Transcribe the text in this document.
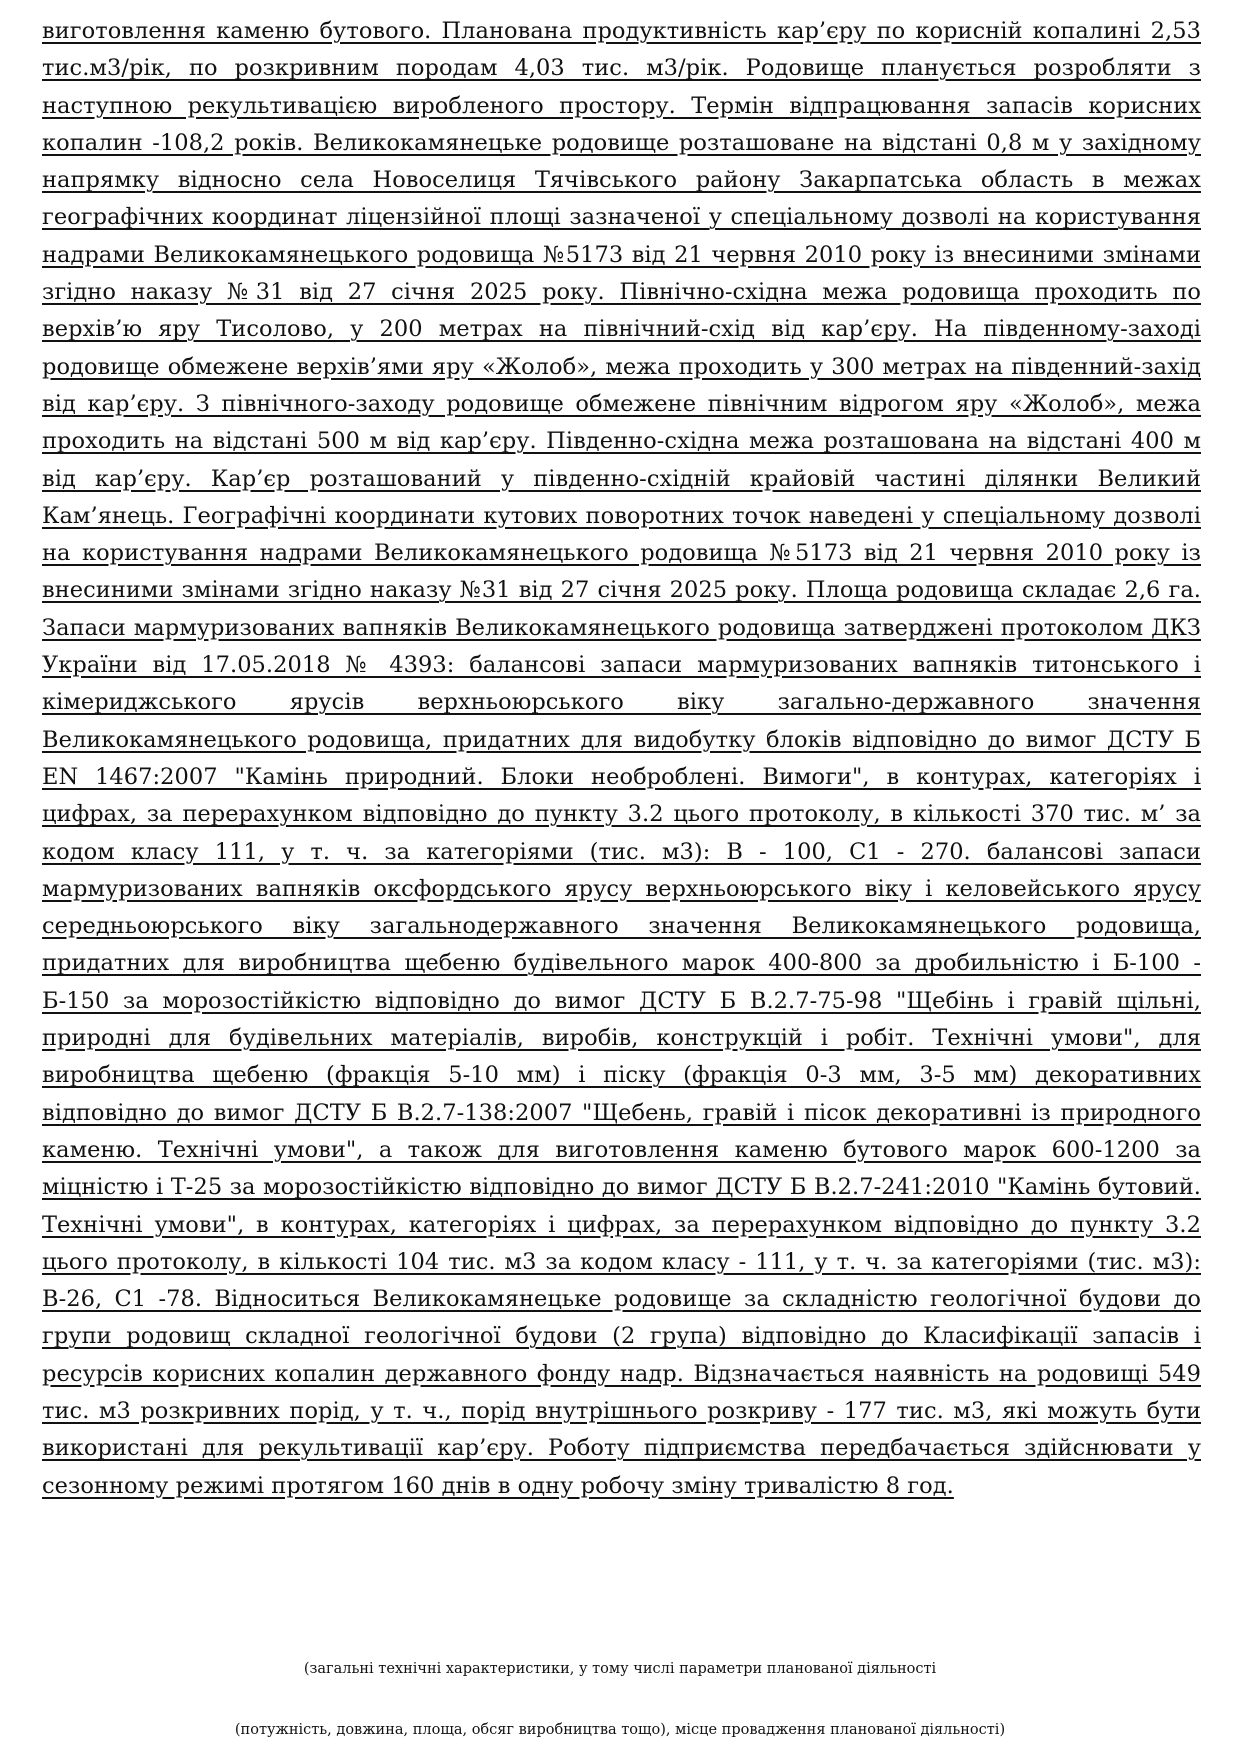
виготовлення каменю бутового. Планована продуктивність кар’єру по корисній копалині 2,53 тис.м3/рік, по розкривним породам 4,03 тис. м3/рік. Родовище планується розробляти з наступною рекультивацією виробленого простору. Термін відпрацювання запасів корисних копалин -108,2 років. Великокамянецьке родовище розташоване на відстані 0,8 м у західному напрямку відносно села Новоселиця Тячівського району Закарпатська область в межах географічних координат ліцензійної площі зазначеної у спеціальному дозволі на користування надрами Великокамянецького родовища №5173 від 21 червня 2010 року із внесиними змінами згідно наказу №31 від 27 січня 2025 року. Північно-східна межа родовища проходить по верхів’ю яру Тисолово, у 200 метрах на північний-схід від кар’єру. На південному-заході родовище обмежене верхів’ями яру «Жолоб», межа проходить у 300 метрах на південний-захід від кар’єру. З північного-заходу родовище обмежене північним відрогом яру «Жолоб», межа проходить на відстані 500 м від кар’єру. Південно-східна межа розташована на відстані 400 м від кар’єру. Кар’єр розташований у південно-східній крайовій частині ділянки Великий Кам’янець. Географічні координати кутових поворотних точок наведені у спеціальному дозволі на користування надрами Великокамянецького родовища №5173 від 21 червня 2010 року із внесиними змінами згідно наказу №31 від 27 січня 2025 року. Площа родовища складає 2,6 га. Запаси мармуризованих вапняків Великокамянецького родовища затверджені протоколом ДКЗ України від 17.05.2018 № 4393: балансові запаси мармуризованих вапняків титонського і кімериджського ярусів верхньоюрського віку загально-державного значення Великокамянецького родовища, придатних для видобутку блоків відповідно до вимог ДСТУ Б EN 1467:2007 "Камінь природний. Блоки необроблені. Вимоги", в контурах, категоріях і цифрах, за перерахунком відповідно до пункту 3.2 цього протоколу, в кількості 370 тис. м’ за кодом класу 111, у т. ч. за категоріями (тис. м3): В - 100, С1 - 270. балансові запаси мармуризованих вапняків оксфордського ярусу верхньоюрського віку і келовейського ярусу середньоюрського віку загальнодержавного значення Великокамянецького родовища, придатних для виробництва щебеню будівельного марок 400-800 за дробильністю і Б-100 - Б-150 за морозостійкістю відповідно до вимог ДСТУ Б В.2.7-75-98 "Щебінь і гравій щільні, природні для будівельних матеріалів, виробів, конструкцій і робіт. Технічні умови", для виробництва щебеню (фракція 5-10 мм) і піску (фракція 0-3 мм, 3-5 мм) декоративних відповідно до вимог ДСТУ Б В.2.7-138:2007 "Щебень, гравій і пісок декоративні із природного каменю. Технічні умови", а також для виготовлення каменю бутового марок 600-1200 за міцністю і Т-25 за морозостійкістю відповідно до вимог ДСТУ Б В.2.7-241:2010 "Камінь бутовий. Технічні умови", в контурах, категоріях і цифрах, за перерахунком відповідно до пункту 3.2 цього протоколу, в кількості 104 тис. м3 за кодом класу - 111, у т. ч. за категоріями (тис. м3): В-26, С1 -78. Відноситься Великокамянецьке родовище за складністю геологічної будови до групи родовищ складної геологічної будови (2 група) відповідно до Класифікації запасів і ресурсів корисних копалин державного фонду надр. Відзначається наявність на родовищі 549 тис. м3 розкривних порід, у т. ч., порід внутрішнього розкриву - 177 тис. м3, які можуть бути використані для рекультивації кар’єру. Роботу підприємства передбачається здійснювати у сезонному режимі протягом 160 днів в одну робочу зміну тривалістю 8 год.

(загальні технічні характеристики, у тому числі параметри планованої діяльності

(потужність, довжина, площа, обсяг виробництва тощо), місце провадження планованої діяльності)
